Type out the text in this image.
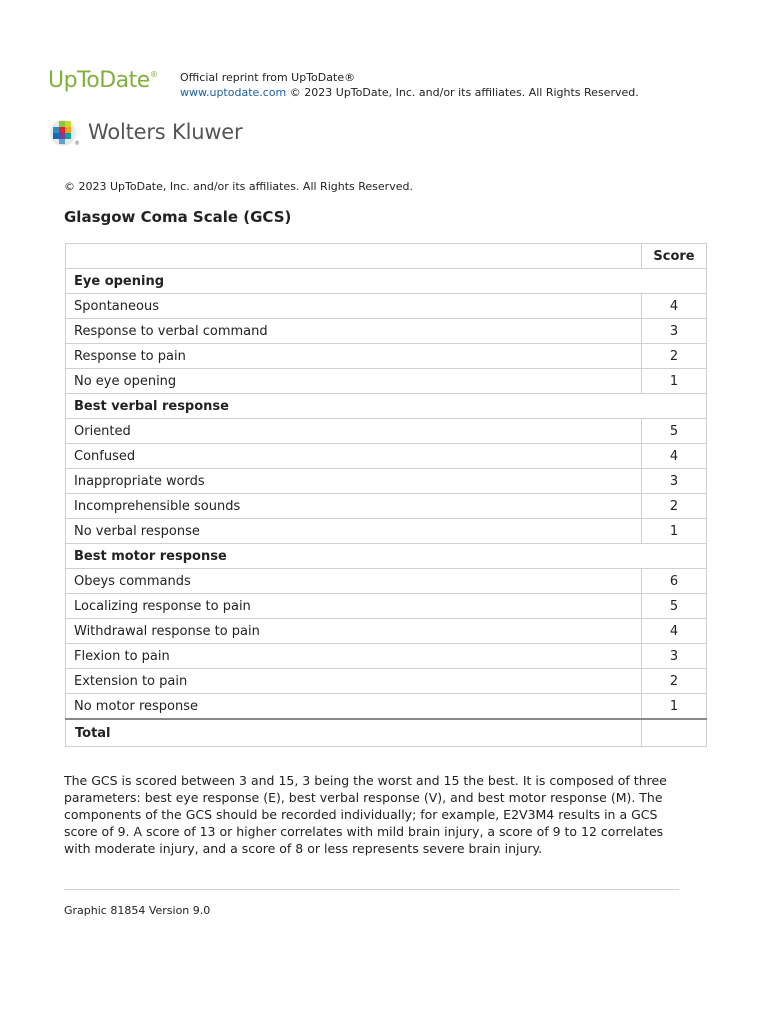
UpToDate® Official reprint from UpToDate®
www.uptodate.com © 2023 UpToDate, Inc. and/or its affiliates. All Rights Reserved.
® Wolters Kluwer
© 2023 UpToDate, Inc. and/or its affiliates. All Rights Reserved.
Glasgow Coma Scale (GCS)
	Score
Eye opening	
Spontaneous	4
Response to verbal command	3
Response to pain	2
No eye opening	1
Best verbal response	
Oriented	5
Confused	4
Inappropriate words	3
Incomprehensible sounds	2
No verbal response	1
Best motor response	
Obeys commands	6
Localizing response to pain	5
Withdrawal response to pain	4
Flexion to pain	3
Extension to pain	2
No motor response	1
Total	
The GCS is scored between 3 and 15, 3 being the worst and 15 the best. It is composed of three parameters: best eye response (E), best verbal response (V), and best motor response (M). The components of the GCS should be recorded individually; for example, E2V3M4 results in a GCS score of 9. A score of 13 or higher correlates with mild brain injury, a score of 9 to 12 correlates with moderate injury, and a score of 8 or less represents severe brain injury.
Graphic 81854 Version 9.0
